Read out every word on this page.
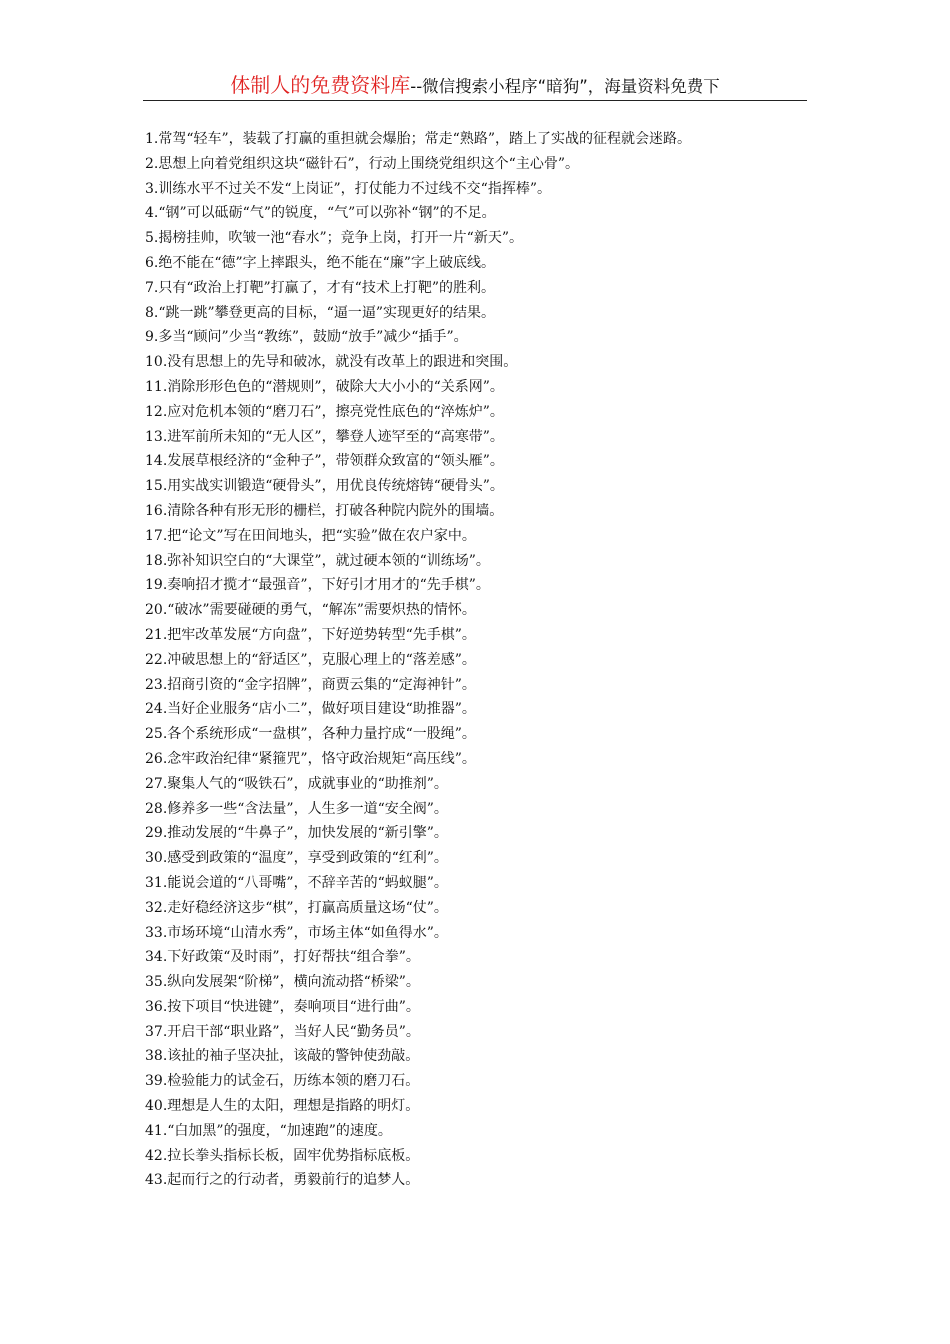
体制人的免费资料库--微信搜索小程序“暗狗”，海量资料免费下

1.常驾“轻车”，装载了打赢的重担就会爆胎；常走“熟路”，踏上了实战的征程就会迷路。

2.思想上向着党组织这块“磁针石”，行动上围绕党组织这个“主心骨”。

3.训练水平不过关不发“上岗证”，打仗能力不过线不交“指挥棒”。

4.“钢”可以砥砺“气”的锐度，“气”可以弥补“钢”的不足。

5.揭榜挂帅，吹皱一池“春水”；竞争上岗，打开一片“新天”。

6.绝不能在“德”字上摔跟头，绝不能在“廉”字上破底线。

7.只有“政治上打靶”打赢了，才有“技术上打靶”的胜利。

8.“跳一跳”攀登更高的目标，“逼一逼”实现更好的结果。

9.多当“顾问”少当“教练”，鼓励“放手”减少“插手”。

10.没有思想上的先导和破冰，就没有改革上的跟进和突围。

11.消除形形色色的“潜规则”，破除大大小小的“关系网”。

12.应对危机本领的“磨刀石”，擦亮党性底色的“淬炼炉”。

13.进军前所未知的“无人区”，攀登人迹罕至的“高寒带”。

14.发展草根经济的“金种子”，带领群众致富的“领头雁”。

15.用实战实训锻造“硬骨头”，用优良传统熔铸“硬骨头”。

16.清除各种有形无形的栅栏，打破各种院内院外的围墙。

17.把“论文”写在田间地头，把“实验”做在农户家中。

18.弥补知识空白的“大课堂”，就过硬本领的“训练场”。

19.奏响招才揽才“最强音”，下好引才用才的“先手棋”。

20.“破冰”需要碰硬的勇气，“解冻”需要炽热的情怀。

21.把牢改革发展“方向盘”，下好逆势转型“先手棋”。

22.冲破思想上的“舒适区”，克服心理上的“落差感”。

23.招商引资的“金字招牌”，商贾云集的“定海神针”。

24.当好企业服务“店小二”，做好项目建设“助推器”。

25.各个系统形成“一盘棋”，各种力量拧成“一股绳”。

26.念牢政治纪律“紧箍咒”，恪守政治规矩“高压线”。

27.聚集人气的“吸铁石”，成就事业的“助推剂”。

28.修养多一些“含法量”，人生多一道“安全阀”。

29.推动发展的“牛鼻子”，加快发展的“新引擎”。

30.感受到政策的“温度”，享受到政策的“红利”。

31.能说会道的“八哥嘴”，不辞辛苦的“蚂蚁腿”。

32.走好稳经济这步“棋”，打赢高质量这场“仗”。

33.市场环境“山清水秀”，市场主体“如鱼得水”。

34.下好政策“及时雨”，打好帮扶“组合拳”。

35.纵向发展架“阶梯”，横向流动搭“桥梁”。

36.按下项目“快进键”，奏响项目“进行曲”。

37.开启干部“职业路”，当好人民“勤务员”。

38.该扯的袖子坚决扯，该敲的警钟使劲敲。

39.检验能力的试金石，历练本领的磨刀石。

40.理想是人生的太阳，理想是指路的明灯。

41.“白加黑”的强度，“加速跑”的速度。

42.拉长拳头指标长板，固牢优势指标底板。

43.起而行之的行动者，勇毅前行的追梦人。
